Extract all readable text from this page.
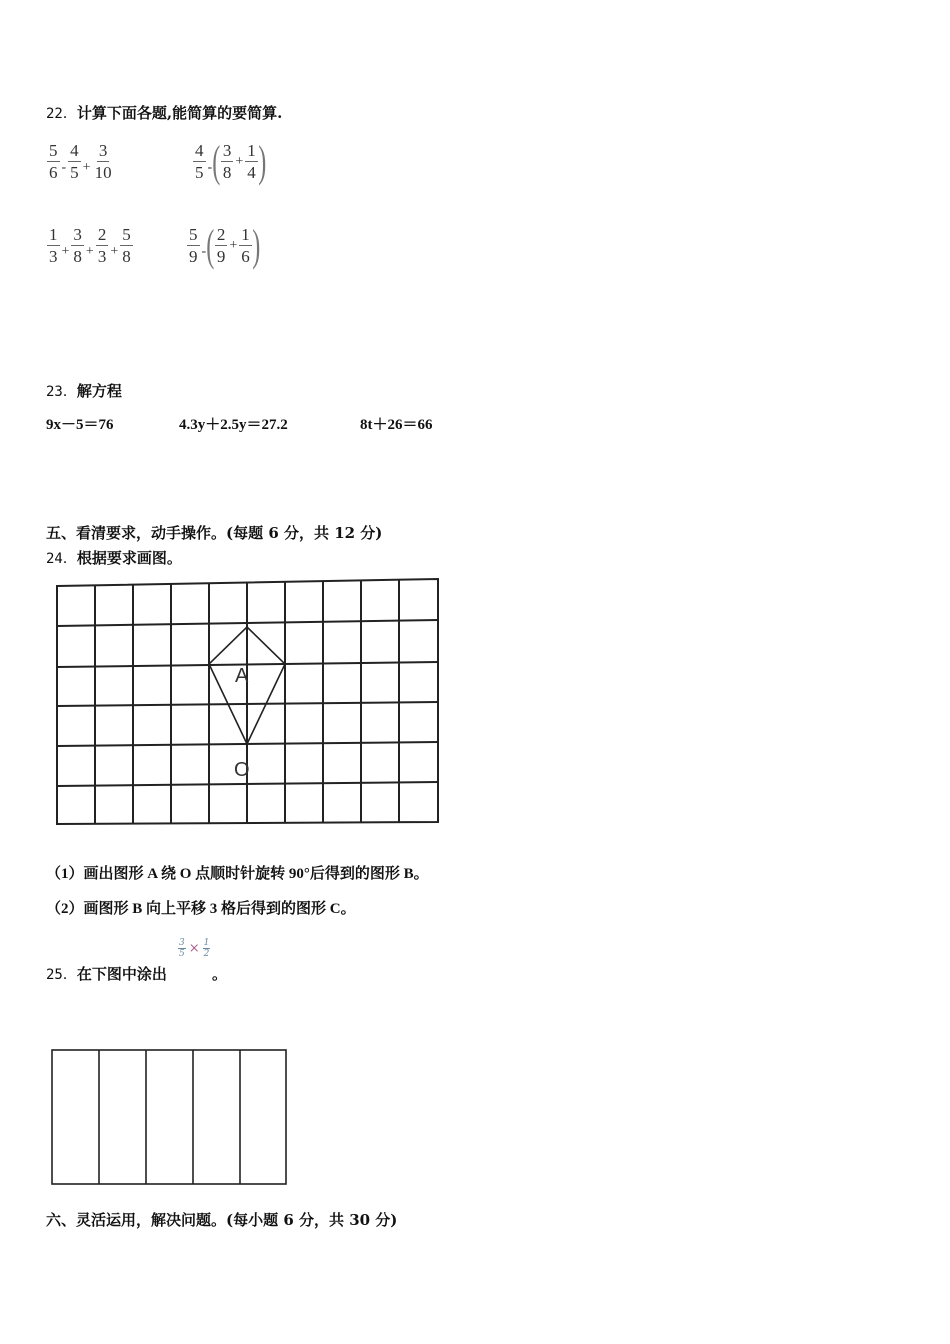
22．计算下面各题,能简算的要简算.
$\frac{5}{6} - \frac{4}{5} + \frac{3}{10}$	$\frac{4}{5}$ - ( $\frac{3}{8} + \frac{1}{4}$ )
$\frac{1}{3} + \frac{3}{8} + \frac{2}{3} + \frac{5}{8}$	$\frac{5}{9}$ - ( $\frac{2}{9} + \frac{1}{6}$ )
23．解方程
9x－5＝76	4.3y＋2.5y＝27.2	8t＋26＝66
五、看清要求，动手操作。(每题 6 分，共 12 分)
24．根据要求画图。
A
O
（1）画出图形 A 绕 O 点顺时针旋转 90°后得到的图形 B。
（2）画图形 B 向上平移 3 格后得到的图形 C。
25．在下图中涂出
$\frac{3}{5} \times \frac{1}{2}$
。
六、灵活运用，解决问题。(每小题 6 分，共 30 分)
